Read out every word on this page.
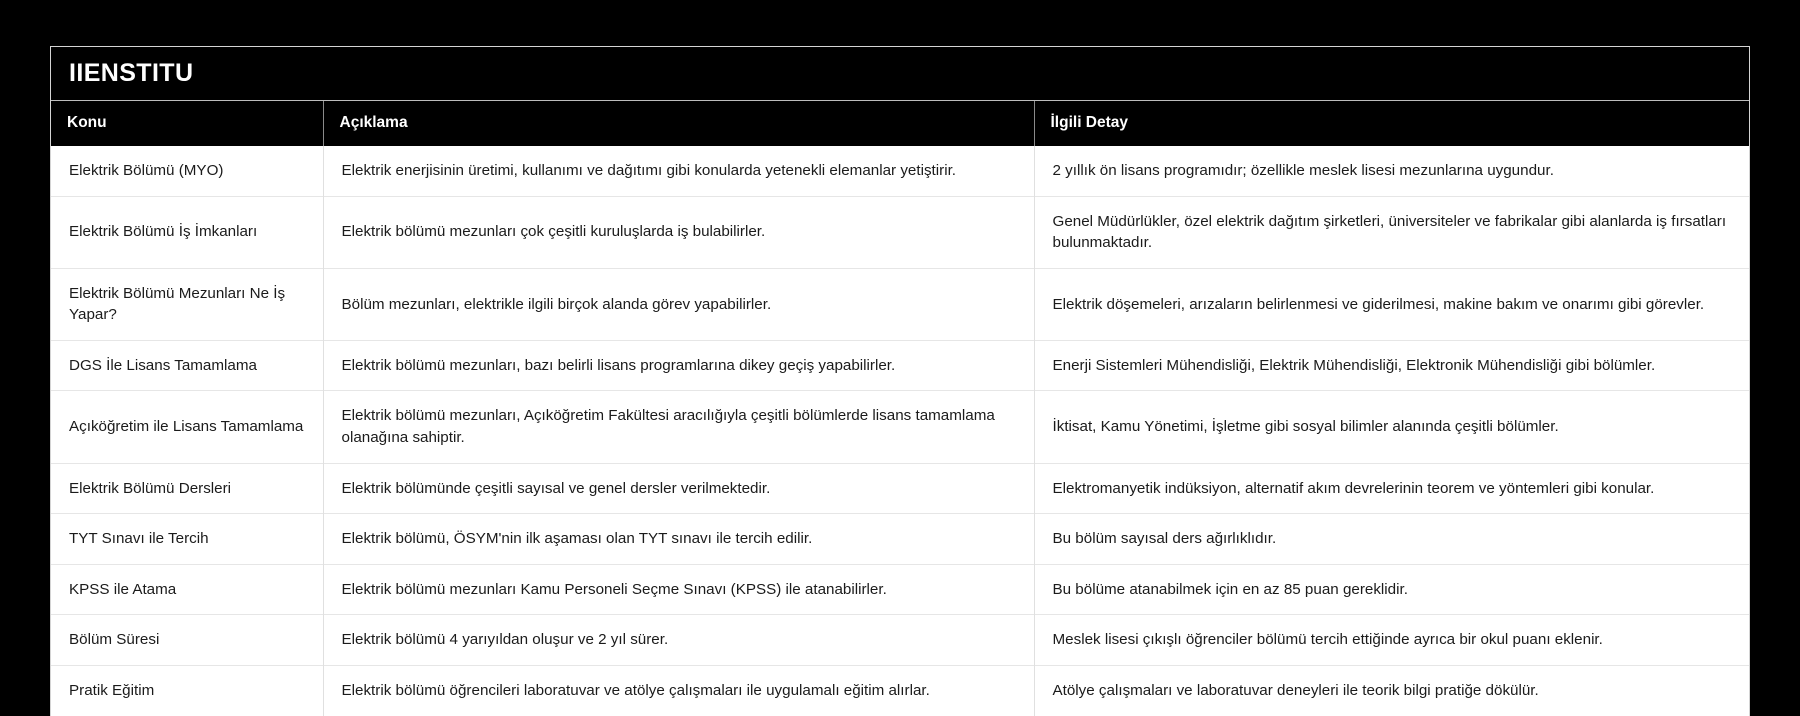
IIENSTITU
Konu	Açıklama	İlgili Detay
Elektrik Bölümü (MYO)	Elektrik enerjisinin üretimi, kullanımı ve dağıtımı gibi konularda yetenekli elemanlar yetiştirir.	2 yıllık ön lisans programıdır; özellikle meslek lisesi mezunlarına uygundur.
Elektrik Bölümü İş İmkanları	Elektrik bölümü mezunları çok çeşitli kuruluşlarda iş bulabilirler.	Genel Müdürlükler, özel elektrik dağıtım şirketleri, üniversiteler ve fabrikalar gibi alanlarda iş fırsatları bulunmaktadır.
Elektrik Bölümü Mezunları Ne İş Yapar?	Bölüm mezunları, elektrikle ilgili birçok alanda görev yapabilirler.	Elektrik döşemeleri, arızaların belirlenmesi ve giderilmesi, makine bakım ve onarımı gibi görevler.
DGS İle Lisans Tamamlama	Elektrik bölümü mezunları, bazı belirli lisans programlarına dikey geçiş yapabilirler.	Enerji Sistemleri Mühendisliği, Elektrik Mühendisliği, Elektronik Mühendisliği gibi bölümler.
Açıköğretim ile Lisans Tamamlama	Elektrik bölümü mezunları, Açıköğretim Fakültesi aracılığıyla çeşitli bölümlerde lisans tamamlama olanağına sahiptir.	İktisat, Kamu Yönetimi, İşletme gibi sosyal bilimler alanında çeşitli bölümler.
Elektrik Bölümü Dersleri	Elektrik bölümünde çeşitli sayısal ve genel dersler verilmektedir.	Elektromanyetik indüksiyon, alternatif akım devrelerinin teorem ve yöntemleri gibi konular.
TYT Sınavı ile Tercih	Elektrik bölümü, ÖSYM'nin ilk aşaması olan TYT sınavı ile tercih edilir.	Bu bölüm sayısal ders ağırlıklıdır.
KPSS ile Atama	Elektrik bölümü mezunları Kamu Personeli Seçme Sınavı (KPSS) ile atanabilirler.	Bu bölüme atanabilmek için en az 85 puan gereklidir.
Bölüm Süresi	Elektrik bölümü 4 yarıyıldan oluşur ve 2 yıl sürer.	Meslek lisesi çıkışlı öğrenciler bölümü tercih ettiğinde ayrıca bir okul puanı eklenir.
Pratik Eğitim	Elektrik bölümü öğrencileri laboratuvar ve atölye çalışmaları ile uygulamalı eğitim alırlar.	Atölye çalışmaları ve laboratuvar deneyleri ile teorik bilgi pratiğe dökülür.
